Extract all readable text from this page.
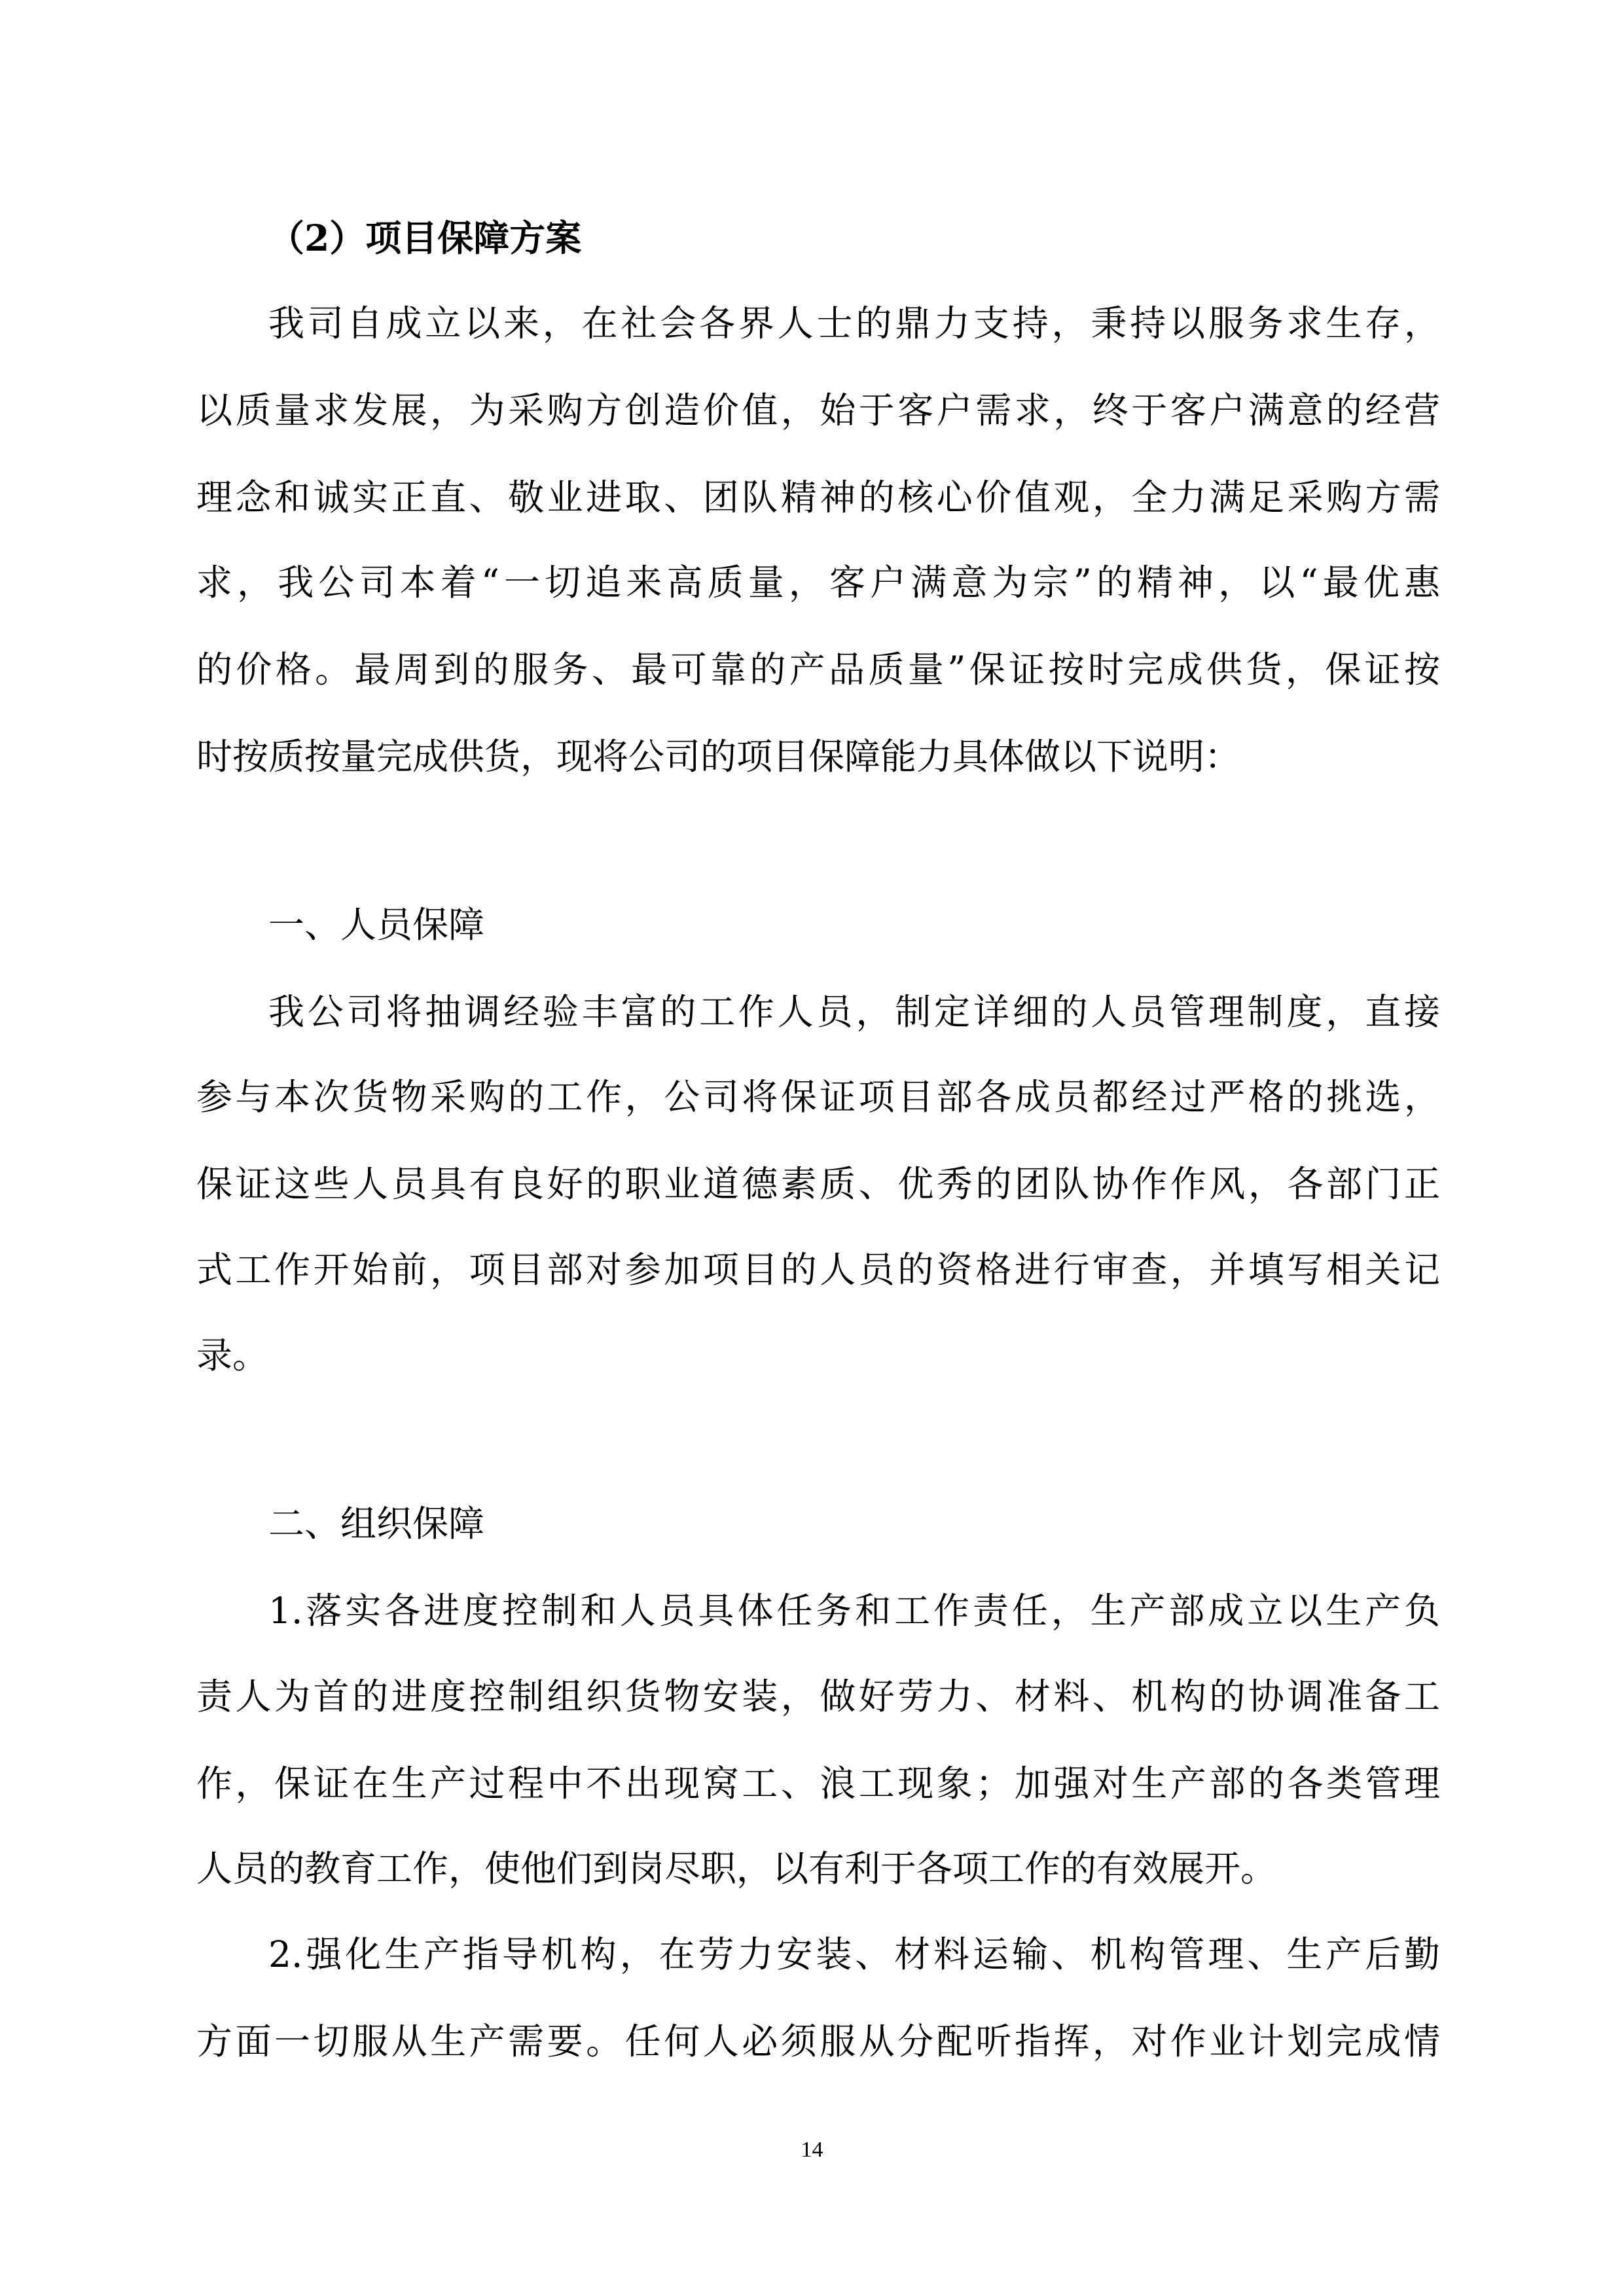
（2）项目保障方案
我司自成立以来，在社会各界人士的鼎力支持，秉持以服务求生存，
以质量求发展，为采购方创造价值，始于客户需求，终于客户满意的经营
理念和诚实正直、敬业进取、团队精神的核心价值观，全力满足采购方需
求，我公司本着“一切追来高质量，客户满意为宗”的精神，以“最优惠
的价格。最周到的服务、最可靠的产品质量”保证按时完成供货，保证按
时按质按量完成供货，现将公司的项目保障能力具体做以下说明：
一、人员保障
我公司将抽调经验丰富的工作人员，制定详细的人员管理制度，直接
参与本次货物采购的工作，公司将保证项目部各成员都经过严格的挑选，
保证这些人员具有良好的职业道德素质、优秀的团队协作作风，各部门正
式工作开始前，项目部对参加项目的人员的资格进行审查，并填写相关记
录。
二、组织保障
1.落实各进度控制和人员具体任务和工作责任，生产部成立以生产负
责人为首的进度控制组织货物安装，做好劳力、材料、机构的协调准备工
作，保证在生产过程中不出现窝工、浪工现象；加强对生产部的各类管理
人员的教育工作，使他们到岗尽职，以有利于各项工作的有效展开。
2.强化生产指导机构，在劳力安装、材料运输、机构管理、生产后勤
方面一切服从生产需要。任何人必须服从分配听指挥，对作业计划完成情
14
